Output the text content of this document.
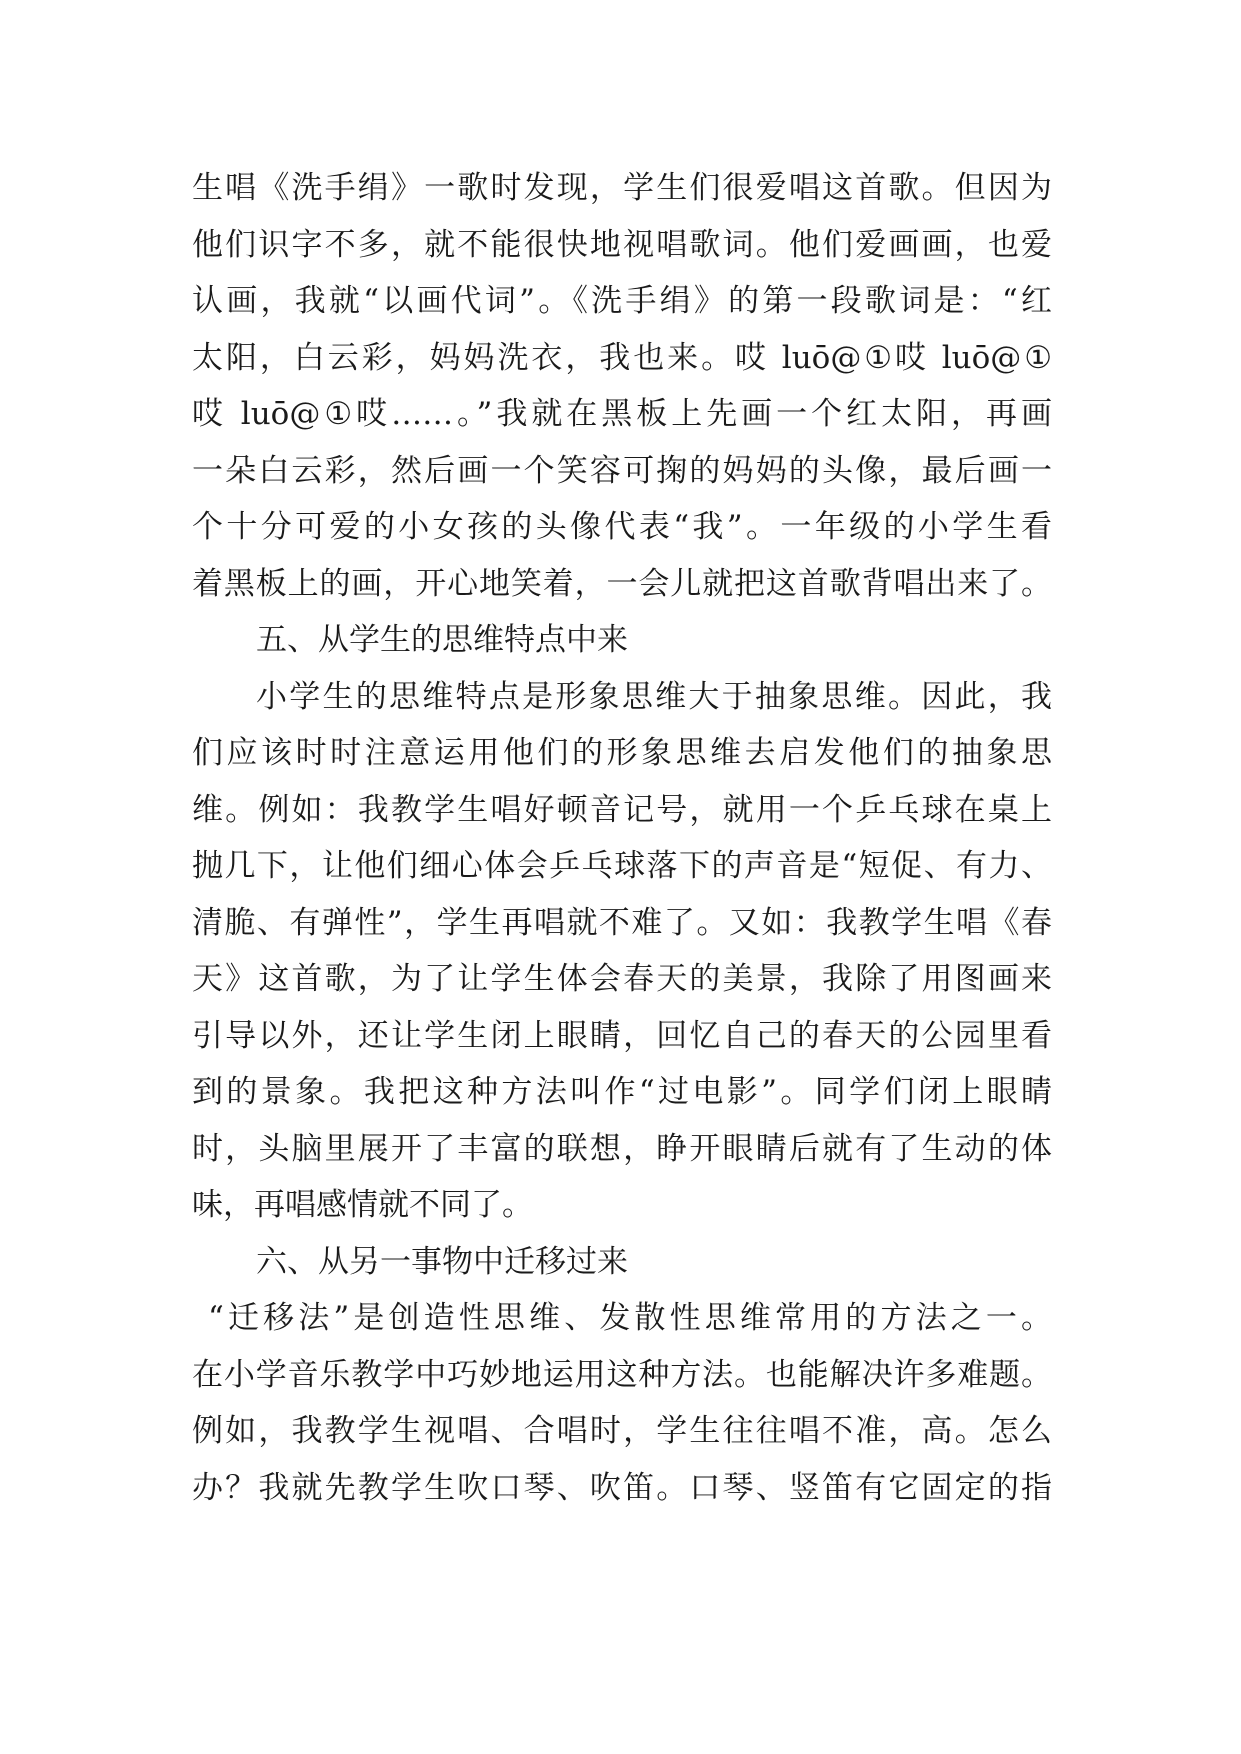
生唱《洗手绢》一歌时发现，学生们很爱唱这首歌。但因为
他们识字不多，就不能很快地视唱歌词。他们爱画画，也爱
认画，我就“以画代词”。《洗手绢》的第一段歌词是：“红
太阳，白云彩，妈妈洗衣，我也来。哎 luō@①哎 luō@①
哎 luō@①哎……。”我就在黑板上先画一个红太阳，再画
一朵白云彩，然后画一个笑容可掬的妈妈的头像，最后画一
个十分可爱的小女孩的头像代表“我”。一年级的小学生看
着黑板上的画，开心地笑着，一会儿就把这首歌背唱出来了。
五、从学生的思维特点中来
小学生的思维特点是形象思维大于抽象思维。因此，我
们应该时时注意运用他们的形象思维去启发他们的抽象思
维。例如：我教学生唱好顿音记号，就用一个乒乓球在桌上
抛几下，让他们细心体会乒乓球落下的声音是“短促、有力、
清脆、有弹性”，学生再唱就不难了。又如：我教学生唱《春
天》这首歌，为了让学生体会春天的美景，我除了用图画来
引导以外，还让学生闭上眼睛，回忆自己的春天的公园里看
到的景象。我把这种方法叫作“过电影”。同学们闭上眼睛
时，头脑里展开了丰富的联想，睁开眼睛后就有了生动的体
味，再唱感情就不同了。
六、从另一事物中迁移过来
“迁移法”是创造性思维、发散性思维常用的方法之一。
在小学音乐教学中巧妙地运用这种方法。也能解决许多难题。
例如，我教学生视唱、合唱时，学生往往唱不准，高。怎么
办？我就先教学生吹口琴、吹笛。口琴、竖笛有它固定的指
